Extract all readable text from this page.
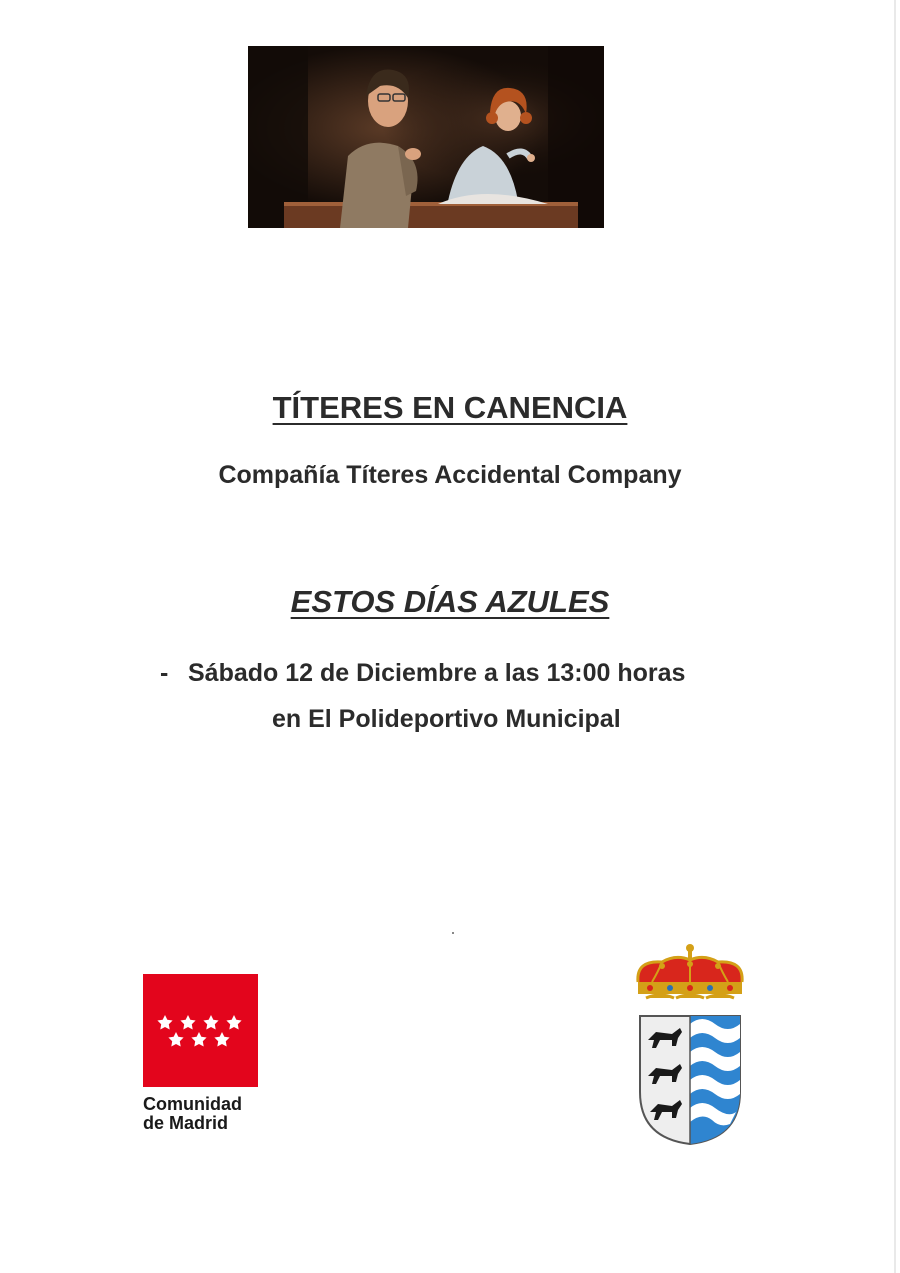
TÍTERES EN CANENCIA
Compañía Títeres Accidental Company
ESTOS DÍAS AZULES
- Sábado 12 de Diciembre a las 13:00 horas
en El Polideportivo Municipal
Comunidad
de Madrid
